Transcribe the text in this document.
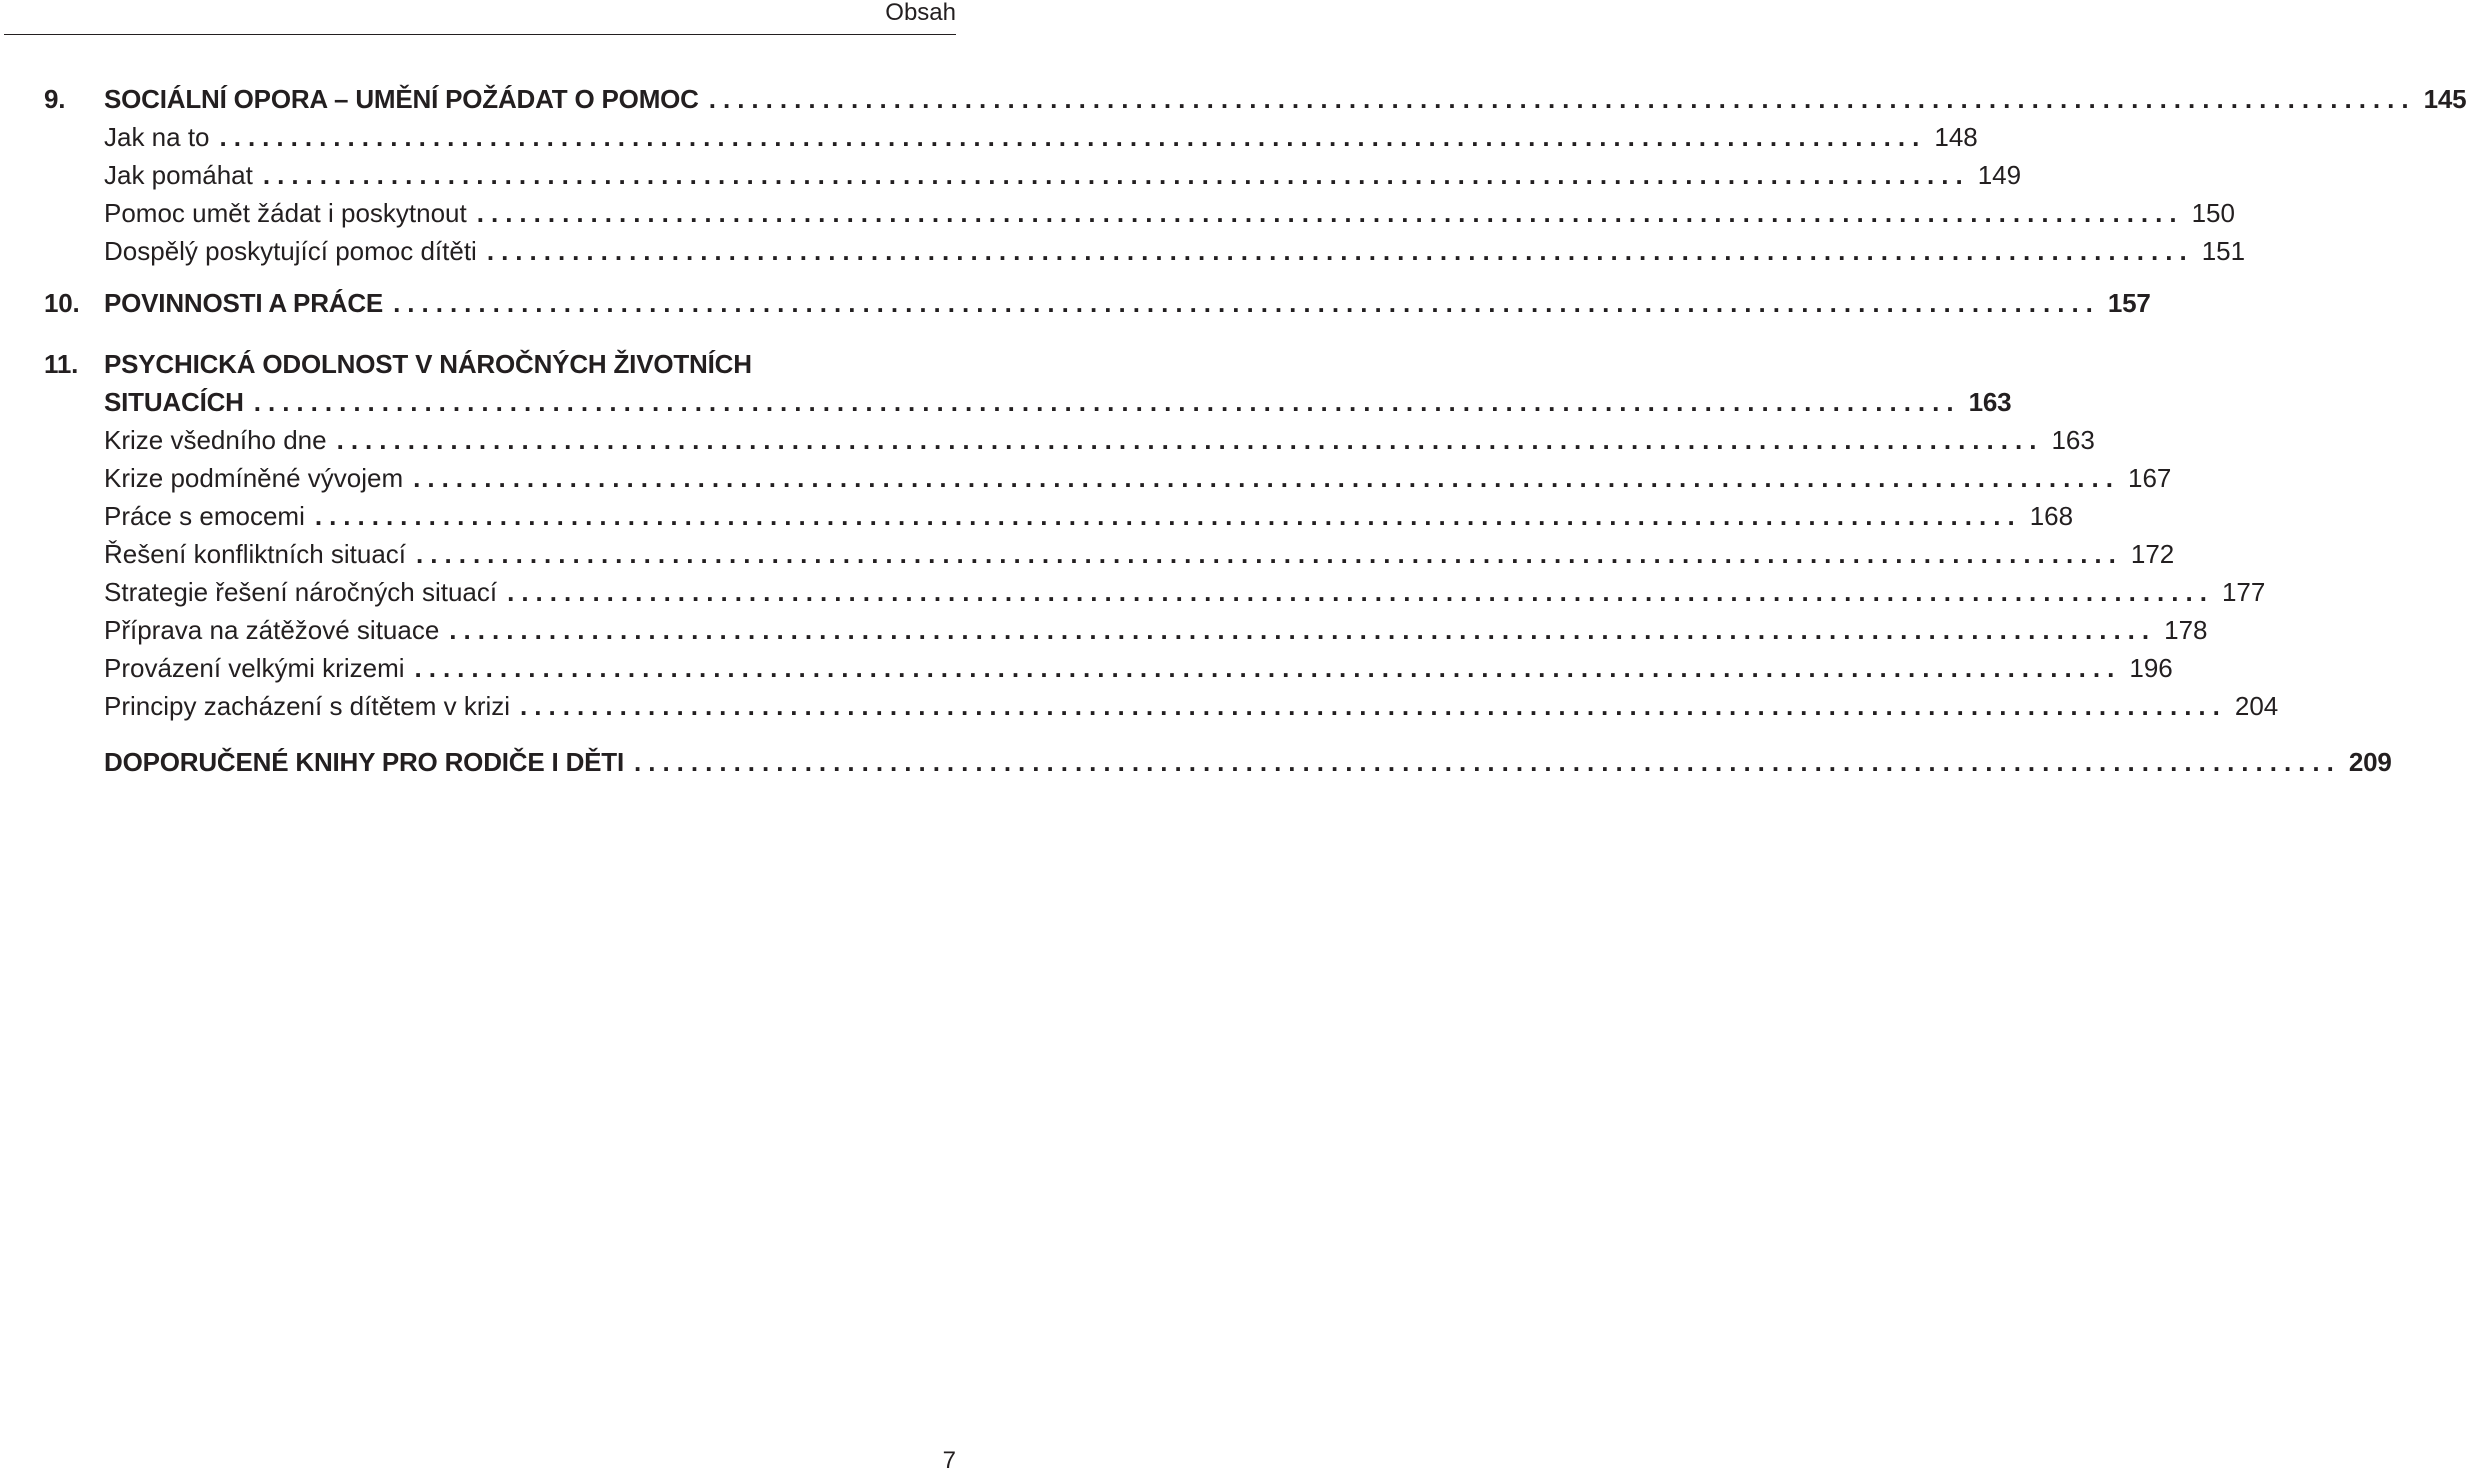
Obsah
9. SOCIÁLNÍ OPORA – UMĚNÍ POŽÁDAT O POMOC ........................................................................................................................ 145
Jak na to ........................................................................................................................ 148
Jak pomáhat ........................................................................................................................ 149
Pomoc umět žádat i poskytnout ........................................................................................................................ 150
Dospělý poskytující pomoc dítěti ........................................................................................................................ 151
10. POVINNOSTI A PRÁCE ........................................................................................................................ 157
11. PSYCHICKÁ ODOLNOST V NÁROČNÝCH ŽIVOTNÍCH
SITUACÍCH ........................................................................................................................ 163
Krize všedního dne ........................................................................................................................ 163
Krize podmíněné vývojem ........................................................................................................................ 167
Práce s emocemi ........................................................................................................................ 168
Řešení konfliktních situací ........................................................................................................................ 172
Strategie řešení náročných situací ........................................................................................................................ 177
Příprava na zátěžové situace ........................................................................................................................ 178
Provázení velkými krizemi ........................................................................................................................ 196
Principy zacházení s dítětem v krizi ........................................................................................................................ 204
DOPORUČENÉ KNIHY PRO RODIČE I DĚTI ........................................................................................................................ 209
7
